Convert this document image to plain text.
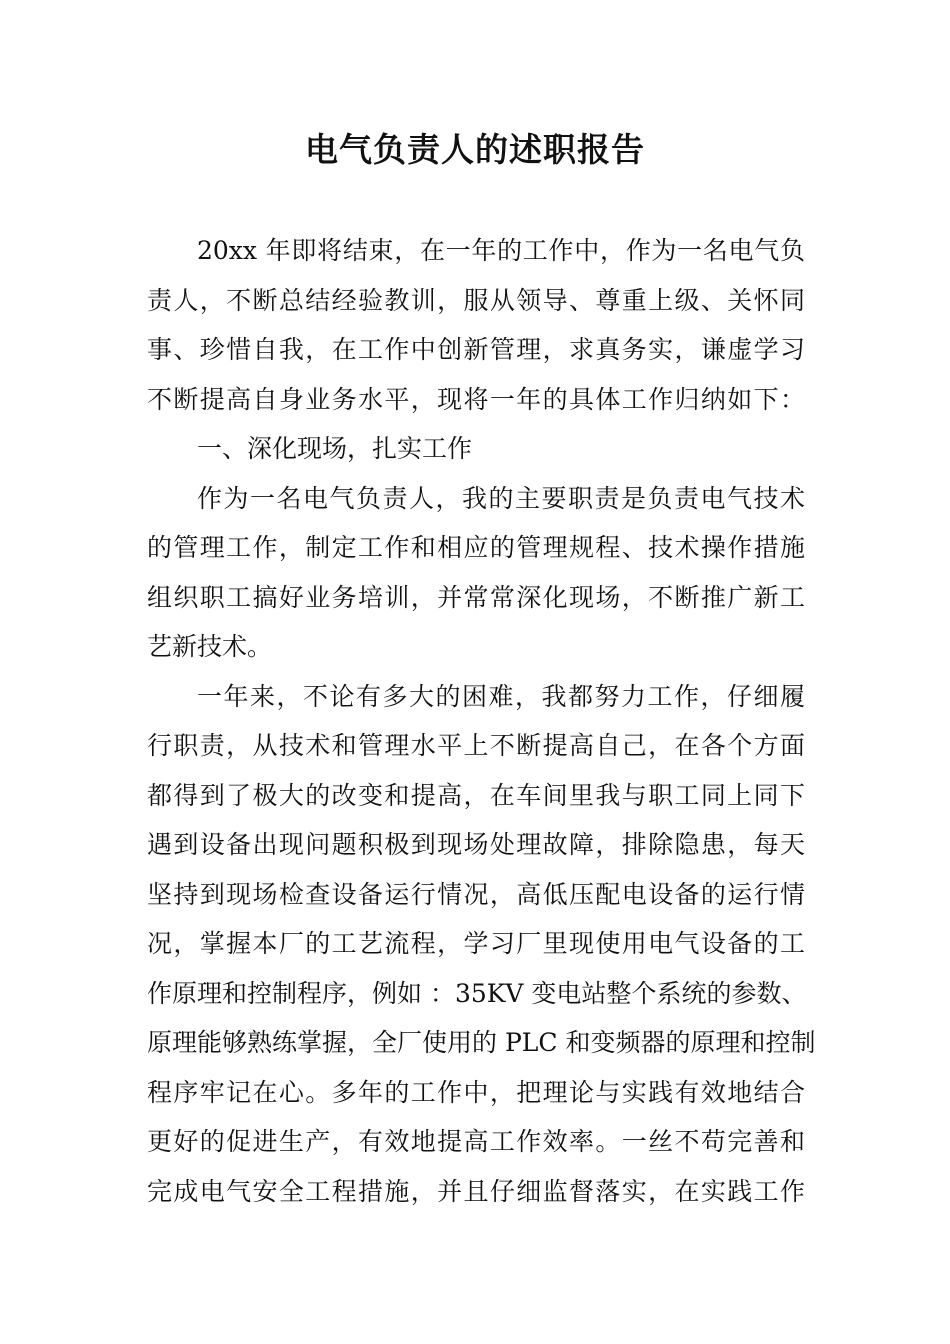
电气负责人的述职报告
20xx 年即将结束，在一年的工作中，作为一名电气负
责人，不断总结经验教训，服从领导、尊重上级、关怀同
事、珍惜自我，在工作中创新管理，求真务实，谦虚学习
不断提高自身业务水平，现将一年的具体工作归纳如下：
一、深化现场，扎实工作
作为一名电气负责人，我的主要职责是负责电气技术
的管理工作，制定工作和相应的管理规程、技术操作措施
组织职工搞好业务培训，并常常深化现场，不断推广新工
艺新技术。
一年来，不论有多大的困难，我都努力工作，仔细履
行职责，从技术和管理水平上不断提高自己，在各个方面
都得到了极大的改变和提高，在车间里我与职工同上同下
遇到设备出现问题积极到现场处理故障，排除隐患，每天
坚持到现场检查设备运行情况，高低压配电设备的运行情
况，掌握本厂的工艺流程，学习厂里现使用电气设备的工
作原理和控制程序，例如 ：35KV 变电站整个系统的参数、
原理能够熟练掌握，全厂使用的 PLC 和变频器的原理和控制
程序牢记在心。多年的工作中，把理论与实践有效地结合
更好的促进生产，有效地提高工作效率。一丝不苟完善和
完成电气安全工程措施，并且仔细监督落实，在实践工作
